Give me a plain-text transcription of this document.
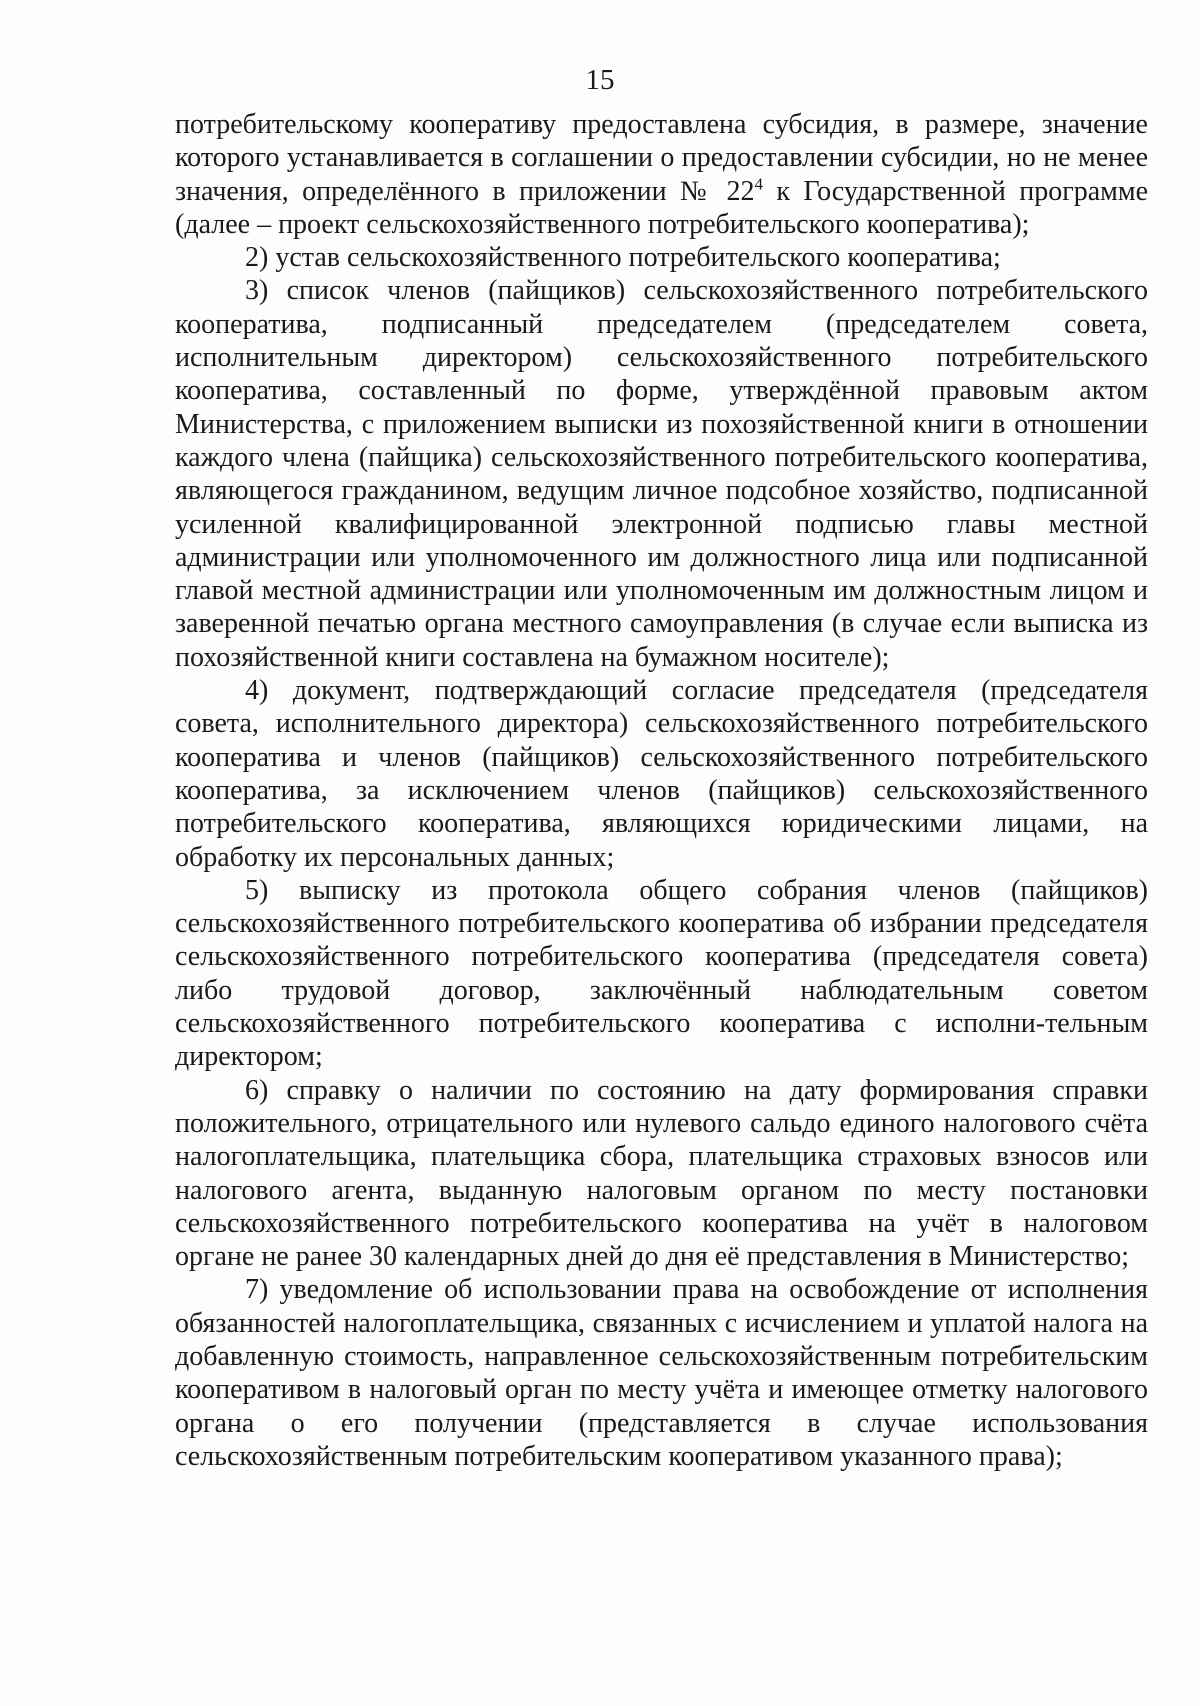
15

потребительскому кооперативу предоставлена субсидия, в размере, значение которого устанавливается в соглашении о предоставлении субсидии, но не менее значения, определённого в приложении № $22^4$ к Государственной программе (далее – проект сельскохозяйственного потребительского кооператива);

2) устав сельскохозяйственного потребительского кооператива;

3) список членов (пайщиков) сельскохозяйственного потребительского кооператива, подписанный председателем (председателем совета, исполнительным директором) сельскохозяйственного потребительского кооператива, составленный по форме, утверждённой правовым актом Министерства, с приложением выписки из похозяйственной книги в отношении каждого члена (пайщика) сельскохозяйственного потребительского кооператива, являющегося гражданином, ведущим личное подсобное хозяйство, подписанной усиленной квалифицированной электронной подписью главы местной администрации или уполномоченного им должностного лица или подписанной главой местной администрации или уполномоченным им должностным лицом и заверенной печатью органа местного самоуправления (в случае если выписка из похозяйственной книги составлена на бумажном носителе);

4) документ, подтверждающий согласие председателя (председателя совета, исполнительного директора) сельскохозяйственного потребительского кооператива и членов (пайщиков) сельскохозяйственного потребительского кооператива, за исключением членов (пайщиков) сельскохозяйственного потребительского кооператива, являющихся юридическими лицами, на обработку их персональных данных;

5) выписку из протокола общего собрания членов (пайщиков) сельскохозяйственного потребительского кооператива об избрании председателя сельскохозяйственного потребительского кооператива (председателя совета) либо трудовой договор, заключённый наблюдательным советом сельскохозяйственного потребительского кооператива с исполни-тельным директором;

6) справку о наличии по состоянию на дату формирования справки положительного, отрицательного или нулевого сальдо единого налогового счёта налогоплательщика, плательщика сбора, плательщика страховых взносов или налогового агента, выданную налоговым органом по месту постановки сельскохозяйственного потребительского кооператива на учёт в налоговом органе не ранее 30 календарных дней до дня её представления в Министерство;

7) уведомление об использовании права на освобождение от исполнения обязанностей налогоплательщика, связанных с исчислением и уплатой налога на добавленную стоимость, направленное сельскохозяйственным потребительским кооперативом в налоговый орган по месту учёта и имеющее отметку налогового органа о его получении (представляется в случае использования сельскохозяйственным потребительским кооперативом указанного права);
